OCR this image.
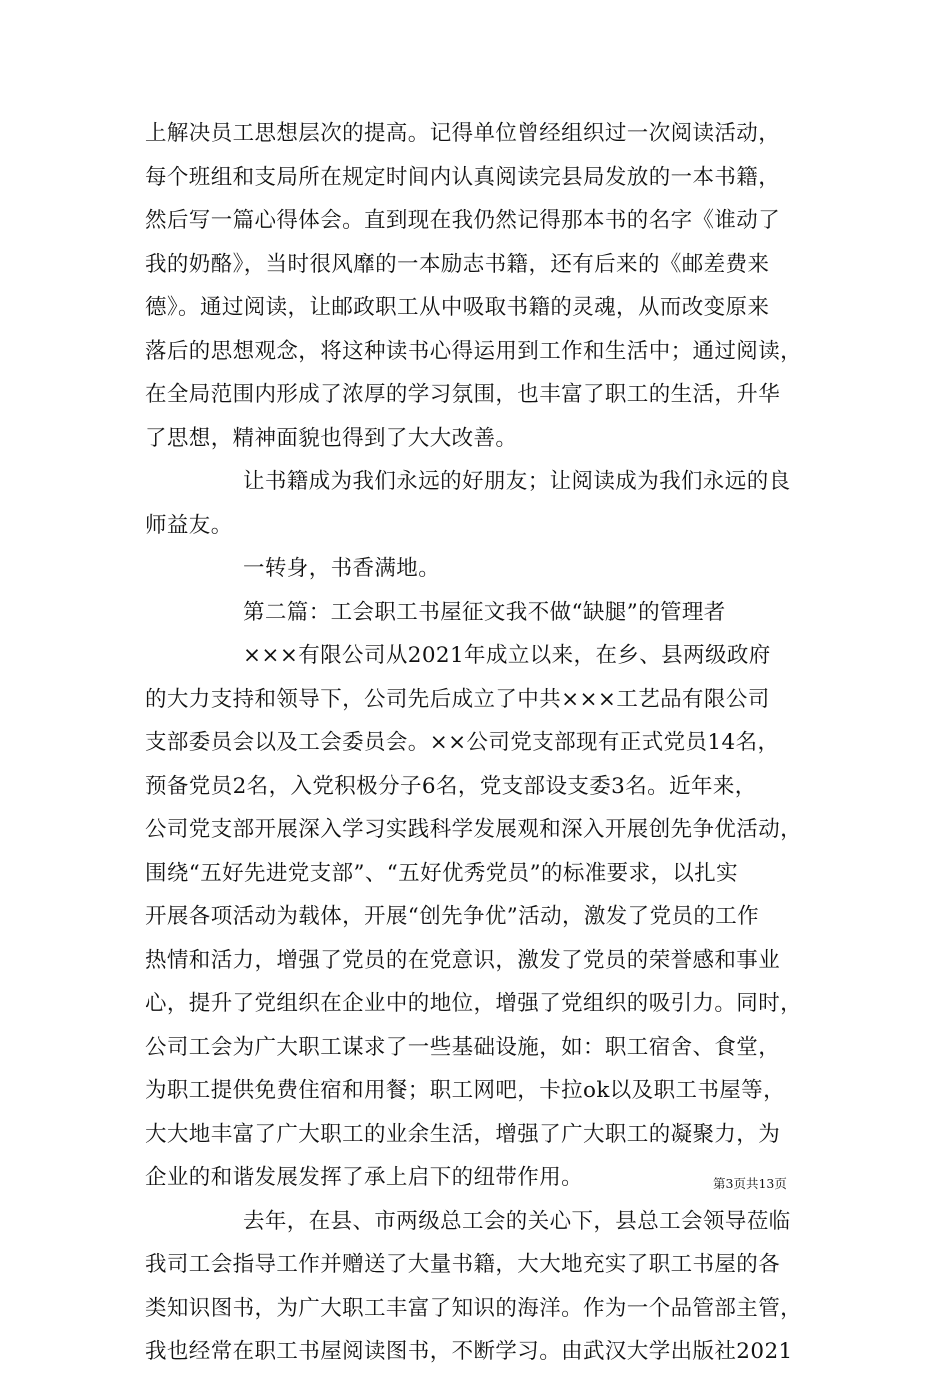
上解决员工思想层次的提高。记得单位曾经组织过一次阅读活动，
每个班组和支局所在规定时间内认真阅读完县局发放的一本书籍，
然后写一篇心得体会。直到现在我仍然记得那本书的名字《谁动了
我的奶酪》，当时很风靡的一本励志书籍，还有后来的《邮差费来
德》。通过阅读，让邮政职工从中吸取书籍的灵魂，从而改变原来
落后的思想观念，将这种读书心得运用到工作和生活中；通过阅读，
在全局范围内形成了浓厚的学习氛围，也丰富了职工的生活，升华
了思想，精神面貌也得到了大大改善。
让书籍成为我们永远的好朋友；让阅读成为我们永远的良
师益友。
一转身，书香满地。
第二篇：工会职工书屋征文我不做“缺腿”的管理者
×××有限公司从2021年成立以来，在乡、县两级政府
的大力支持和领导下，公司先后成立了中共×××工艺品有限公司
支部委员会以及工会委员会。××公司党支部现有正式党员14名，
预备党员2名，入党积极分子6名，党支部设支委3名。近年来，
公司党支部开展深入学习实践科学发展观和深入开展创先争优活动，
围绕“五好先进党支部”、“五好优秀党员”的标准要求，以扎实
开展各项活动为载体，开展“创先争优”活动，激发了党员的工作
热情和活力，增强了党员的在党意识，激发了党员的荣誉感和事业
心，提升了党组织在企业中的地位，增强了党组织的吸引力。同时，
公司工会为广大职工谋求了一些基础设施，如：职工宿舍、食堂，
为职工提供免费住宿和用餐；职工网吧，卡拉ok以及职工书屋等，
大大地丰富了广大职工的业余生活，增强了广大职工的凝聚力，为
企业的和谐发展发挥了承上启下的纽带作用。
去年，在县、市两级总工会的关心下，县总工会领导莅临
我司工会指导工作并赠送了大量书籍，大大地充实了职工书屋的各
类知识图书，为广大职工丰富了知识的海洋。作为一个品管部主管，
我也经常在职工书屋阅读图书，不断学习。由武汉大学出版社2021
第3页共13页
